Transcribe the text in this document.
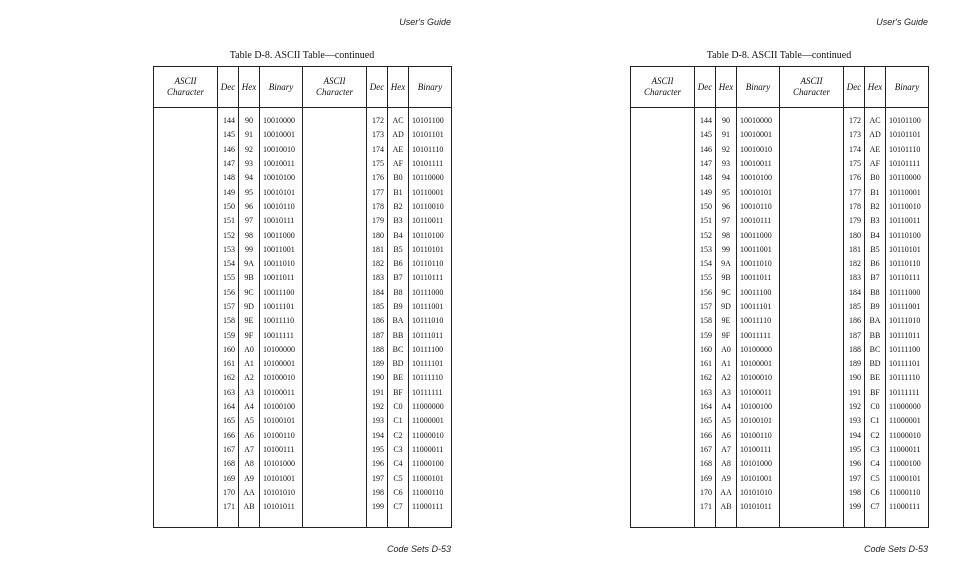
User's Guide
Table D-8. ASCII Table—continued
ASCII Character	Dec	Hex	Binary	ASCII Character	Dec	Hex	Binary

	144	90	10010000		172	AC	10101100
	145	91	10010001		173	AD	10101101
	146	92	10010010		174	AE	10101110
	147	93	10010011		175	AF	10101111
	148	94	10010100		176	B0	10110000
	149	95	10010101		177	B1	10110001
	150	96	10010110		178	B2	10110010
	151	97	10010111		179	B3	10110011
	152	98	10011000		180	B4	10110100
	153	99	10011001		181	B5	10110101
	154	9A	10011010		182	B6	10110110
	155	9B	10011011		183	B7	10110111
	156	9C	10011100		184	B8	10111000
	157	9D	10011101		185	B9	10111001
	158	9E	10011110		186	BA	10111010
	159	9F	10011111		187	BB	10111011
	160	A0	10100000		188	BC	10111100
	161	A1	10100001		189	BD	10111101
	162	A2	10100010		190	BE	10111110
	163	A3	10100011		191	BF	10111111
	164	A4	10100100		192	C0	11000000
	165	A5	10100101		193	C1	11000001
	166	A6	10100110		194	C2	11000010
	167	A7	10100111		195	C3	11000011
	168	A8	10101000		196	C4	11000100
	169	A9	10101001		197	C5	11000101
	170	AA	10101010		198	C6	11000110
	171	AB	10101011		199	C7	11000111

Code Sets D-53
User's Guide
Table D-8. ASCII Table—continued
ASCII Character	Dec	Hex	Binary	ASCII Character	Dec	Hex	Binary

	144	90	10010000		172	AC	10101100
	145	91	10010001		173	AD	10101101
	146	92	10010010		174	AE	10101110
	147	93	10010011		175	AF	10101111
	148	94	10010100		176	B0	10110000
	149	95	10010101		177	B1	10110001
	150	96	10010110		178	B2	10110010
	151	97	10010111		179	B3	10110011
	152	98	10011000		180	B4	10110100
	153	99	10011001		181	B5	10110101
	154	9A	10011010		182	B6	10110110
	155	9B	10011011		183	B7	10110111
	156	9C	10011100		184	B8	10111000
	157	9D	10011101		185	B9	10111001
	158	9E	10011110		186	BA	10111010
	159	9F	10011111		187	BB	10111011
	160	A0	10100000		188	BC	10111100
	161	A1	10100001		189	BD	10111101
	162	A2	10100010		190	BE	10111110
	163	A3	10100011		191	BF	10111111
	164	A4	10100100		192	C0	11000000
	165	A5	10100101		193	C1	11000001
	166	A6	10100110		194	C2	11000010
	167	A7	10100111		195	C3	11000011
	168	A8	10101000		196	C4	11000100
	169	A9	10101001		197	C5	11000101
	170	AA	10101010		198	C6	11000110
	171	AB	10101011		199	C7	11000111

Code Sets D-53
